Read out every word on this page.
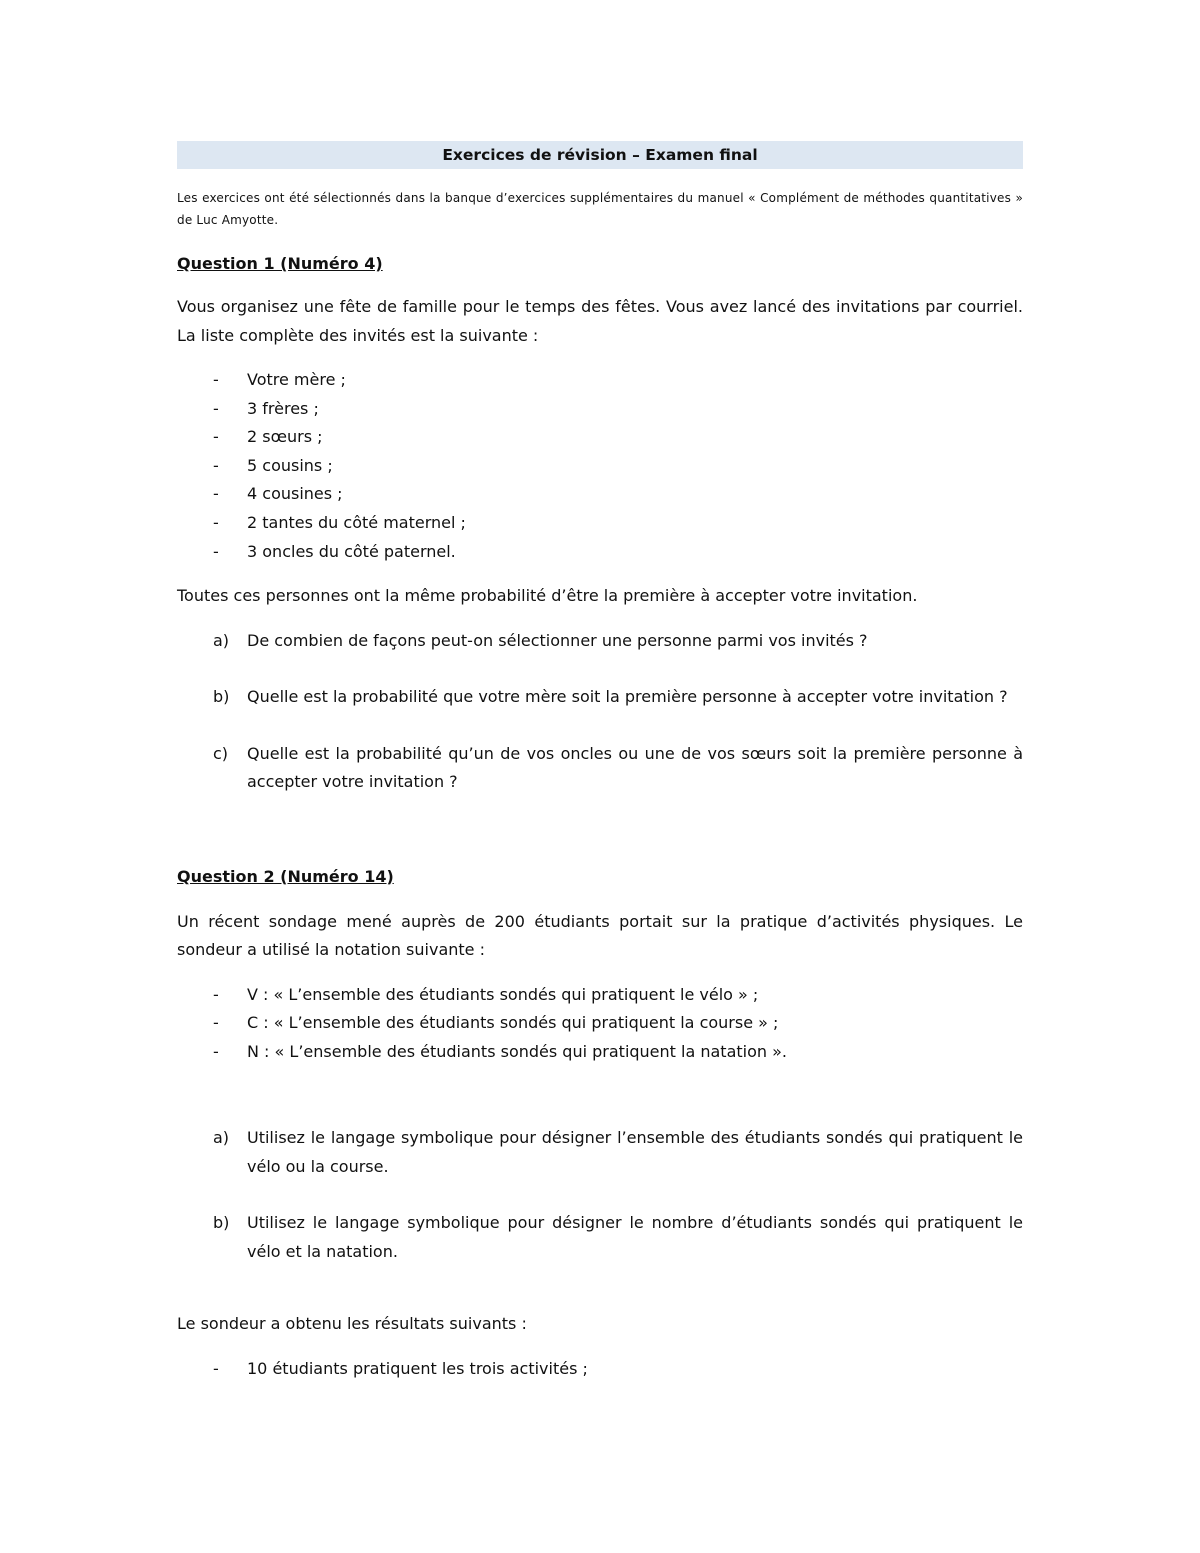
Exercices de révision – Examen final
Les exercices ont été sélectionnés dans la banque d’exercices supplémentaires du manuel « Complément de méthodes quantitatives » de Luc Amyotte.
Question 1 (Numéro 4)

Vous organisez une fête de famille pour le temps des fêtes. Vous avez lancé des invitations par courriel. La liste complète des invités est la suivante :

- Votre mère ;
- 3 frères ;
- 2 sœurs ;
- 5 cousins ;
- 4 cousines ;
- 2 tantes du côté maternel ;
- 3 oncles du côté paternel.

Toutes ces personnes ont la même probabilité d’être la première à accepter votre invitation.

a) De combien de façons peut-on sélectionner une personne parmi vos invités ?
b) Quelle est la probabilité que votre mère soit la première personne à accepter votre invitation ?
c) Quelle est la probabilité qu’un de vos oncles ou une de vos sœurs soit la première personne à accepter votre invitation ?
Question 2 (Numéro 14)

Un récent sondage mené auprès de 200 étudiants portait sur la pratique d’activités physiques. Le sondeur a utilisé la notation suivante :

- V : « L’ensemble des étudiants sondés qui pratiquent le vélo » ;
- C : « L’ensemble des étudiants sondés qui pratiquent la course » ;
- N : « L’ensemble des étudiants sondés qui pratiquent la natation ».
a) Utilisez le langage symbolique pour désigner l’ensemble des étudiants sondés qui pratiquent le vélo ou la course.
b) Utilisez le langage symbolique pour désigner le nombre d’étudiants sondés qui pratiquent le vélo et la natation.

Le sondeur a obtenu les résultats suivants :

- 10 étudiants pratiquent les trois activités ;
